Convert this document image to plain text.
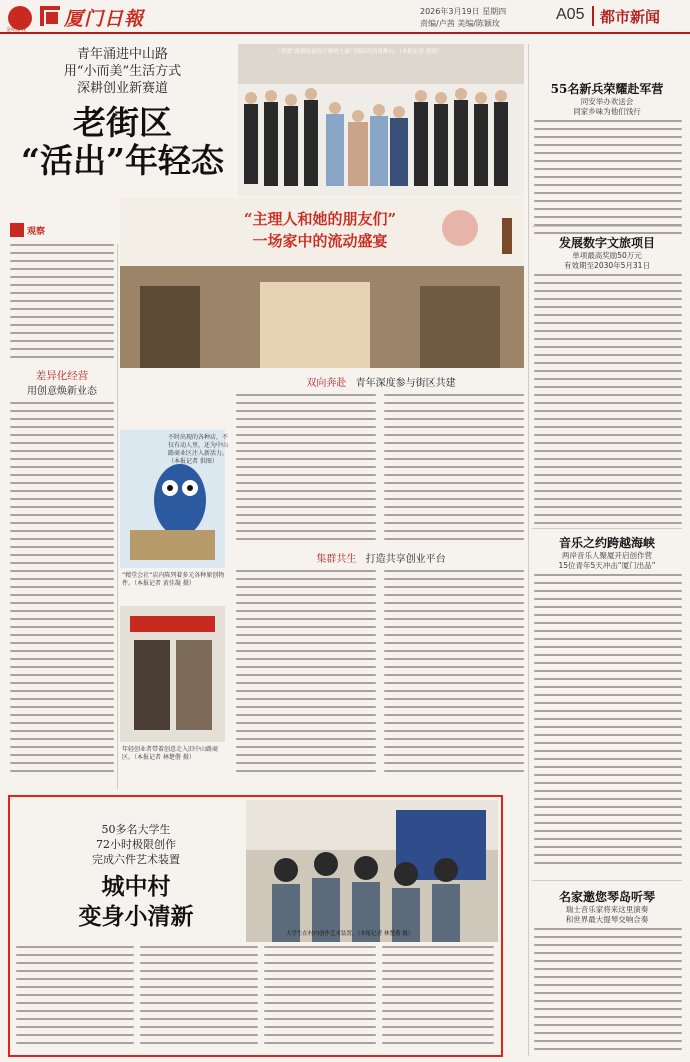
金纸游戏 厦门日報	2026年3月19日 星期四
责编/卢茜 美编/陈颖玫
A05 都市新闻
青年涌进中山路
用“小而美”生活方式
深耕创业新赛道
老街区
“活出”年轻态
观察
“我愿”鼓舞原创设计师登上厦门国际时尚周舞台。（本报记者 供图）
“主理人和她的朋友们”
一场家中的流动盛宴
差异化经营
用创意焕新业态
不时出现的各种店，不仅有动人里，还为中山路商业区注入新活力。（本报记者 供图）
“精堂会社”店内陈列着多元各种原创物件。（本报记者 黄佳凝 摄）
年轻创业者带着创意走入旧中山路商区。（本报记者 林楚偕 摄）
双向奔赴 青年深度参与街区共建
集群共生 打造共享创业平台
55名新兵荣耀赴军营
同安举办欢送会
同家乡味为他们饯行
发展数字文旅项目
单项最高奖励50万元
有效期至2030年5月31日
音乐之约跨越海峡
两岸音乐人聚厦开启创作营
15位青年5天冲击“厦门出品”
名家邀您琴岛听琴
瑞士音乐家将来这里演奏
和世界最大提琴交响合奏
50多名大学生
72小时极限创作
完成六件艺术装置
城中村
变身小清新
大学生在村内创作艺术装置。（本报记者 林楚偕 摄）
